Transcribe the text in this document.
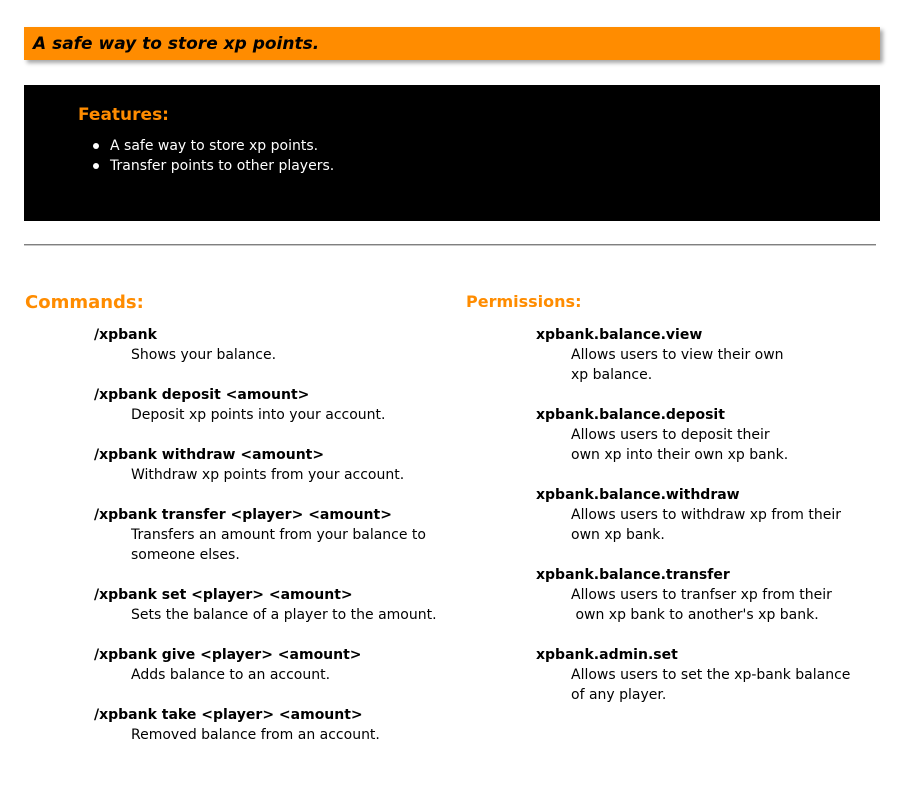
A safe way to store xp points.
Features:
A safe way to store xp points.
Transfer points to other players.
Commands:
/xpbank
Shows your balance.
/xpbank deposit <amount>
Deposit xp points into your account.
/xpbank withdraw <amount>
Withdraw xp points from your account.
/xpbank transfer <player> <amount>
Transfers an amount from your balance to
someone elses.
/xpbank set <player> <amount>
Sets the balance of a player to the amount.
/xpbank give <player> <amount>
Adds balance to an account.
/xpbank take <player> <amount>
Removed balance from an account.
Permissions:
xpbank.balance.view
Allows users to view their own
xp balance.
xpbank.balance.deposit
Allows users to deposit their
own xp into their own xp bank.
xpbank.balance.withdraw
Allows users to withdraw xp from their
own xp bank.
xpbank.balance.transfer
Allows users to tranfser xp from their
own xp bank to another's xp bank.
xpbank.admin.set
Allows users to set the xp-bank balance
of any player.
